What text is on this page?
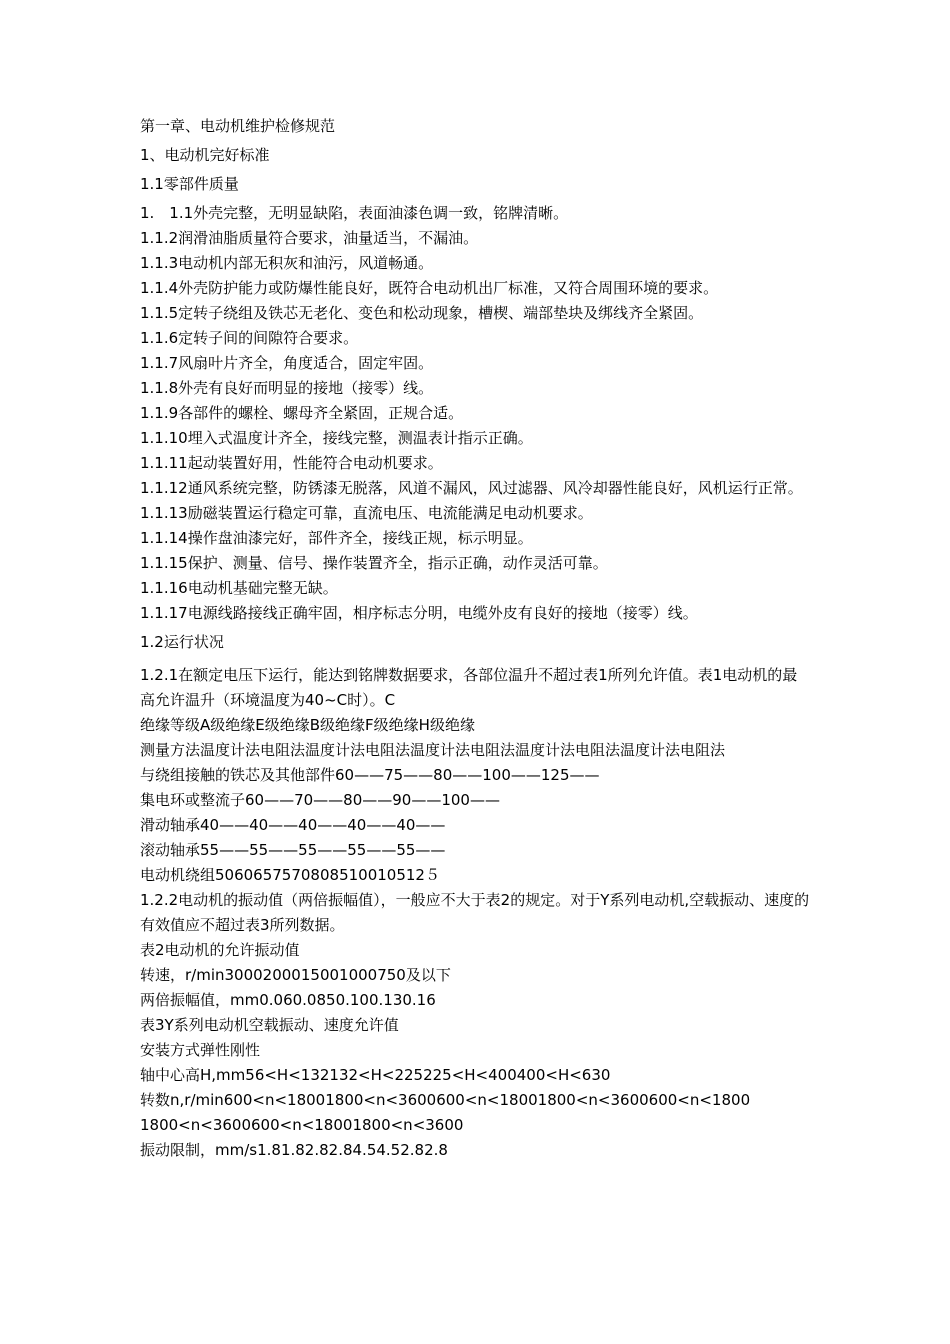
第一章、电动机维护检修规范
1、电动机完好标准
1.1零部件质量
1.　1.1外壳完整，无明显缺陷，表面油漆色调一致，铭牌清晰。
1.1.2润滑油脂质量符合要求，油量适当，不漏油。
1.1.3电动机内部无积灰和油污，风道畅通。
1.1.4外壳防护能力或防爆性能良好，既符合电动机出厂标准，又符合周围环境的要求。
1.1.5定转子绕组及铁芯无老化、变色和松动现象，槽楔、端部垫块及绑线齐全紧固。
1.1.6定转子间的间隙符合要求。
1.1.7风扇叶片齐全，角度适合，固定牢固。
1.1.8外壳有良好而明显的接地（接零）线。
1.1.9各部件的螺栓、螺母齐全紧固，正规合适。
1.1.10埋入式温度计齐全，接线完整，测温表计指示正确。
1.1.11起动装置好用，性能符合电动机要求。
1.1.12通风系统完整，防锈漆无脱落，风道不漏风，风过滤器、风冷却器性能良好，风机运行正常。
1.1.13励磁装置运行稳定可靠，直流电压、电流能满足电动机要求。
1.1.14操作盘油漆完好，部件齐全，接线正规，标示明显。
1.1.15保护、测量、信号、操作装置齐全，指示正确，动作灵活可靠。
1.1.16电动机基础完整无缺。
1.1.17电源线路接线正确牢固，相序标志分明，电缆外皮有良好的接地（接零）线。
1.2运行状况
1.2.1在额定电压下运行，能达到铭牌数据要求，各部位温升不超过表1所列允许值。表1电动机的最高允许温升（环境温度为40~C时）。C
绝缘等级A级绝缘E级绝缘B级绝缘F级绝缘H级绝缘
测量方法温度计法电阻法温度计法电阻法温度计法电阻法温度计法电阻法温度计法电阻法
与绕组接触的铁芯及其他部件60——75——80——100——125——
集电环或整流子60——70——80——90——100——
滑动轴承40——40——40——40——40——
滚动轴承55——55——55——55——55——
电动机绕组5060657570808510010512５
1.2.2电动机的振动值（两倍振幅值），一般应不大于表2的规定。对于Y系列电动机,空载振动、速度的有效值应不超过表3所列数据。
表2电动机的允许振动值
转速，r/min3000200015001000750及以下
两倍振幅值，mm0.060.0850.100.130.16
表3Y系列电动机空载振动、速度允许值
安装方式弹性刚性
轴中心高H,mm56<H<132132<H<225225<H<400400<H<630
转数n,r/min600<n<18001800<n<3600600<n<18001800<n<3600600<n<1800
1800<n<3600600<n<18001800<n<3600
振动限制，mm/s1.81.82.82.84.54.52.82.8
